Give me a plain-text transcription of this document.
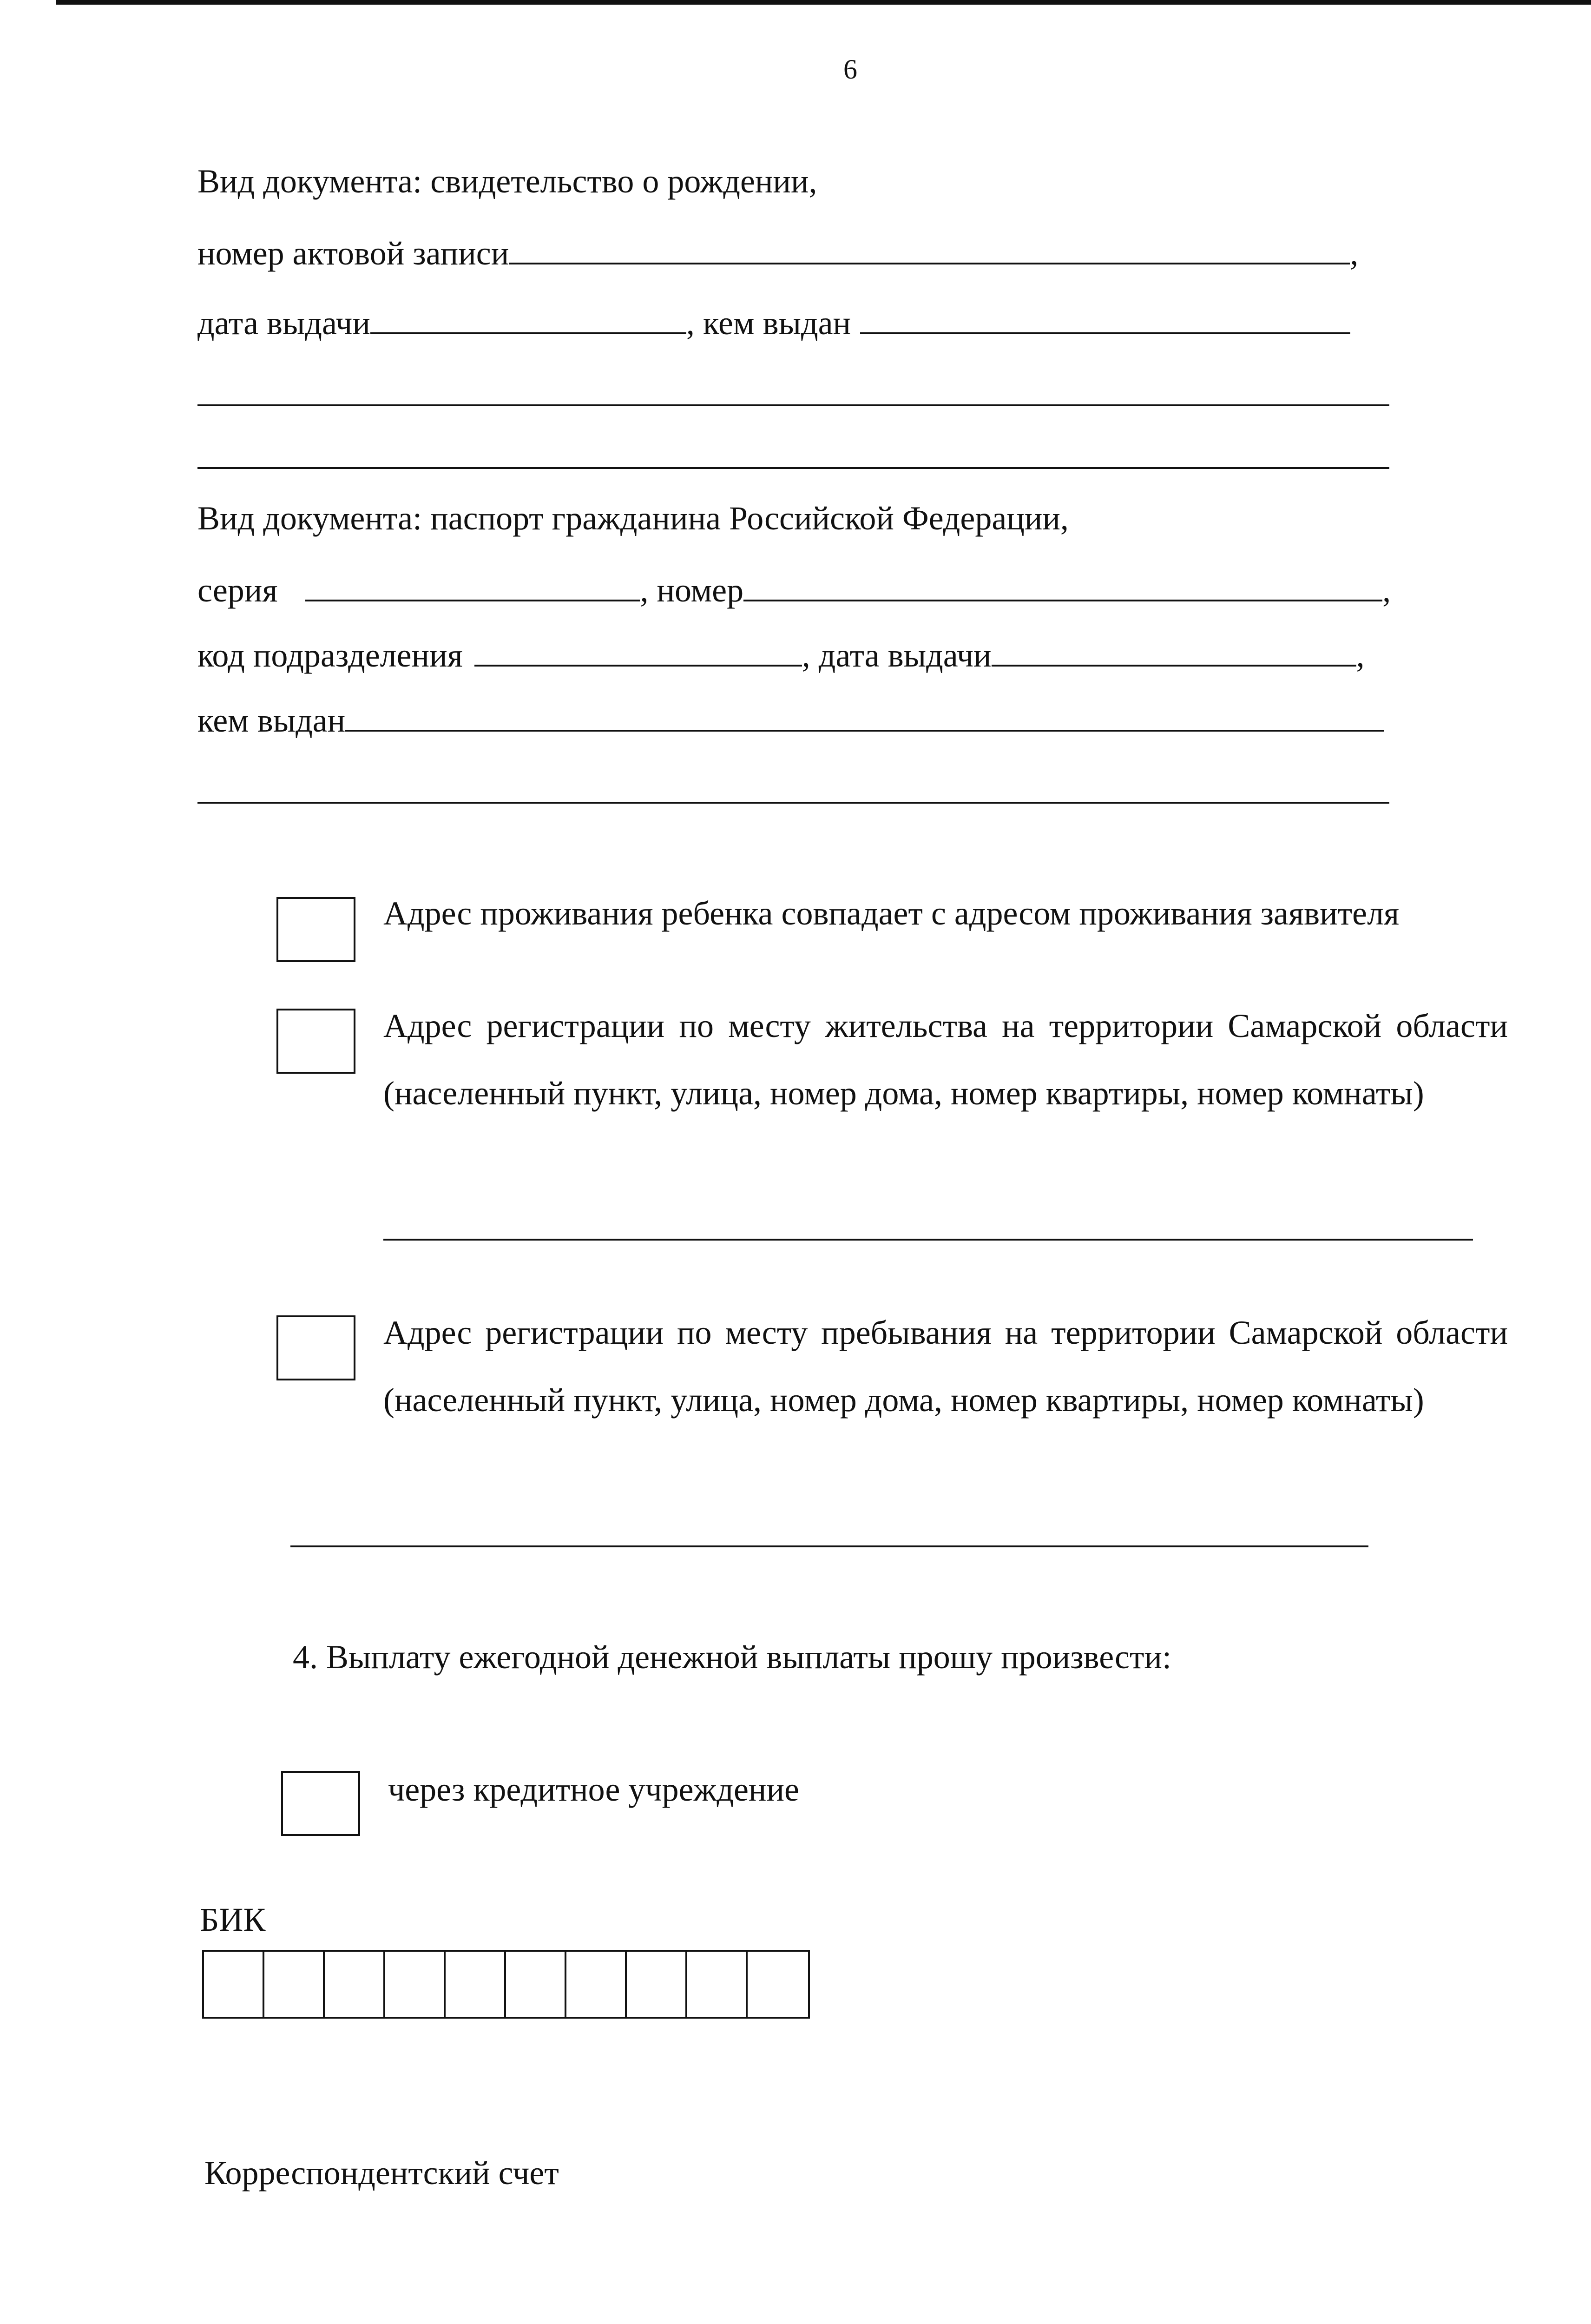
6
Вид документа: свидетельство о рождении,
номер актовой записи	,
дата выдачи	, кем выдан
Вид документа: паспорт гражданина Российской Федерации,
серия	, номер	,
код подразделения	, дата выдачи	,
кем выдан
Адрес проживания ребенка совпадает с адресом проживания заявителя
Адрес регистрации по месту жительства на территории Самарской области (населенный пункт, улица, номер дома, номер квартиры, номер комнаты)
Адрес регистрации по месту пребывания на территории Самарской области (населенный пункт, улица, номер дома, номер квартиры, номер комнаты)
4. Выплату ежегодной денежной выплаты прошу произвести:
через кредитное учреждение
БИК
Корреспондентский счет
